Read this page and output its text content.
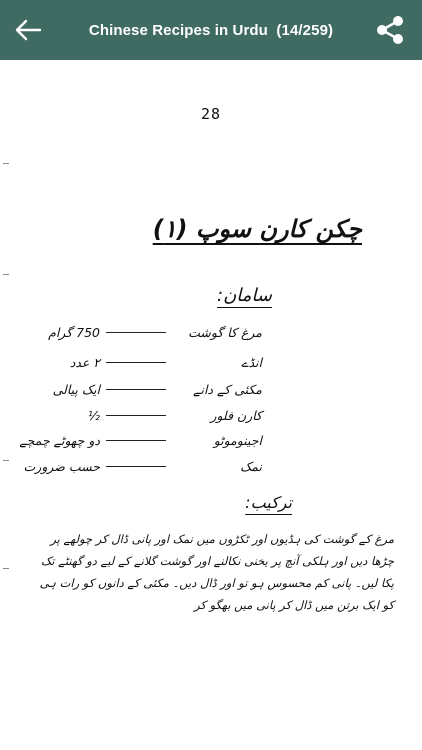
Chinese Recipes in Urdu  (14/259)
28
چکن کارن سوپ (۱)
سامان:
مرغ کا گوشت
750 گرام
انڈے
۲ عدد
مکئی کے دانے
ایک پیالی
کارن فلور
½
اجینوموٹو
دو چھوٹے چمچے
نمک
حسب ضرورت
ترکیب:
مرغ کے گوشت کی ہڈیوں اور ٹکڑوں میں نمک اور پانی ڈال کر چولھے پر چڑھا دیں اور ہلکی آنچ پر یخنی نکالنے اور گوشت گلانے کے لیے دو گھنٹے تک پکا لیں۔ پانی کم محسوس ہو تو اور ڈال دیں۔ مکئی کے دانوں کو رات ہی کو ایک برتن میں ڈال کر پانی میں بھگو کر
